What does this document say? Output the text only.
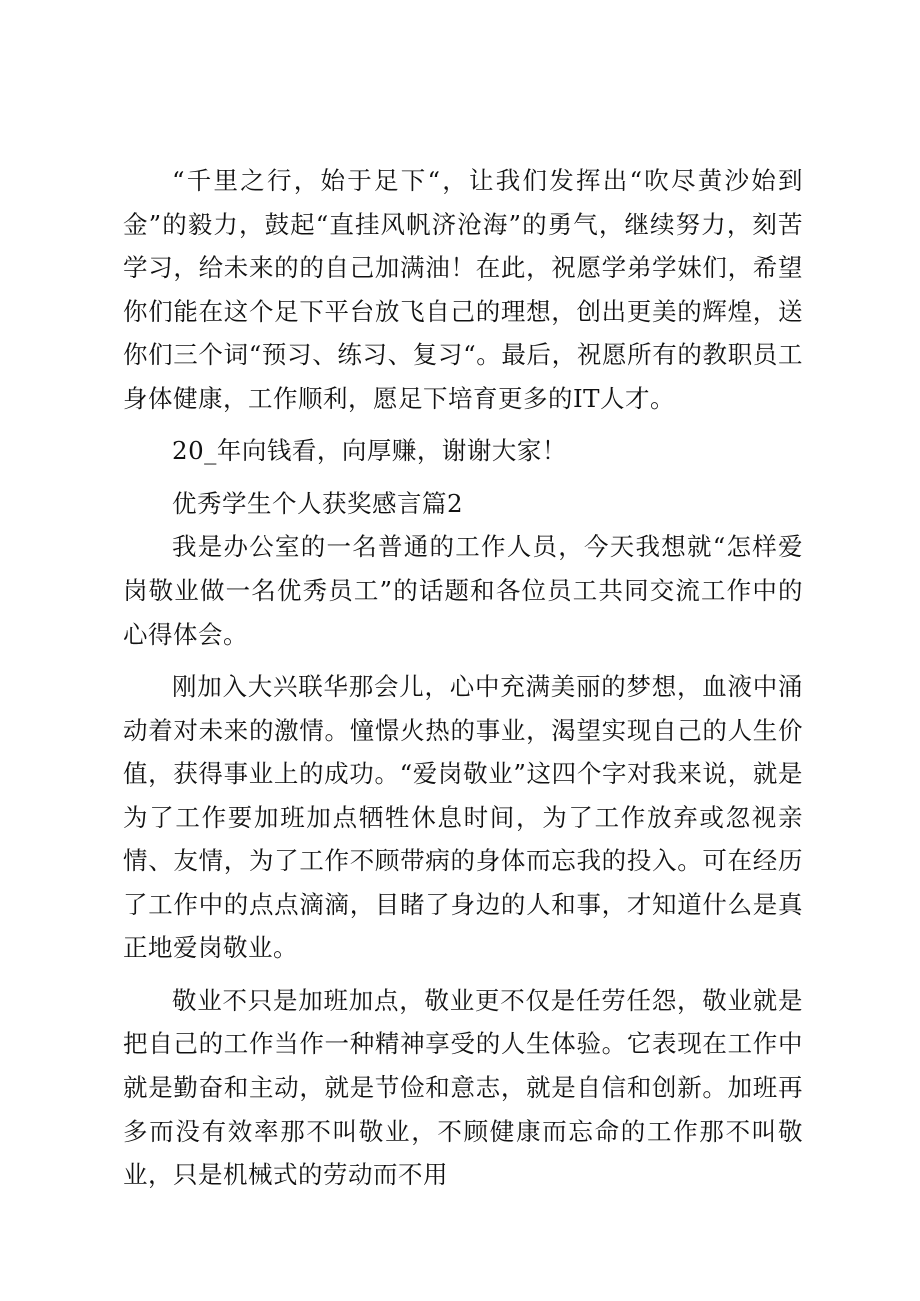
“千里之行，始于足下“，让我们发挥出“吹尽黄沙始到金”的毅力，鼓起“直挂风帆济沧海”的勇气，继续努力，刻苦学习，给未来的的自己加满油！在此，祝愿学弟学妹们，希望你们能在这个足下平台放飞自己的理想，创出更美的辉煌，送你们三个词“预习、练习、复习“。最后，祝愿所有的教职员工身体健康，工作顺利，愿足下培育更多的IT人才。

20_年向钱看，向厚赚，谢谢大家！

优秀学生个人获奖感言篇2

我是办公室的一名普通的工作人员，今天我想就“怎样爱岗敬业做一名优秀员工”的话题和各位员工共同交流工作中的心得体会。

刚加入大兴联华那会儿，心中充满美丽的梦想，血液中涌动着对未来的激情。憧憬火热的事业，渴望实现自己的人生价值，获得事业上的成功。“爱岗敬业”这四个字对我来说，就是为了工作要加班加点牺牲休息时间，为了工作放弃或忽视亲情、友情，为了工作不顾带病的身体而忘我的投入。可在经历了工作中的点点滴滴，目睹了身边的人和事，才知道什么是真正地爱岗敬业。

敬业不只是加班加点，敬业更不仅是任劳任怨，敬业就是把自己的工作当作一种精神享受的人生体验。它表现在工作中就是勤奋和主动，就是节俭和意志，就是自信和创新。加班再多而没有效率那不叫敬业，不顾健康而忘命的工作那不叫敬业，只是机械式的劳动而不用
